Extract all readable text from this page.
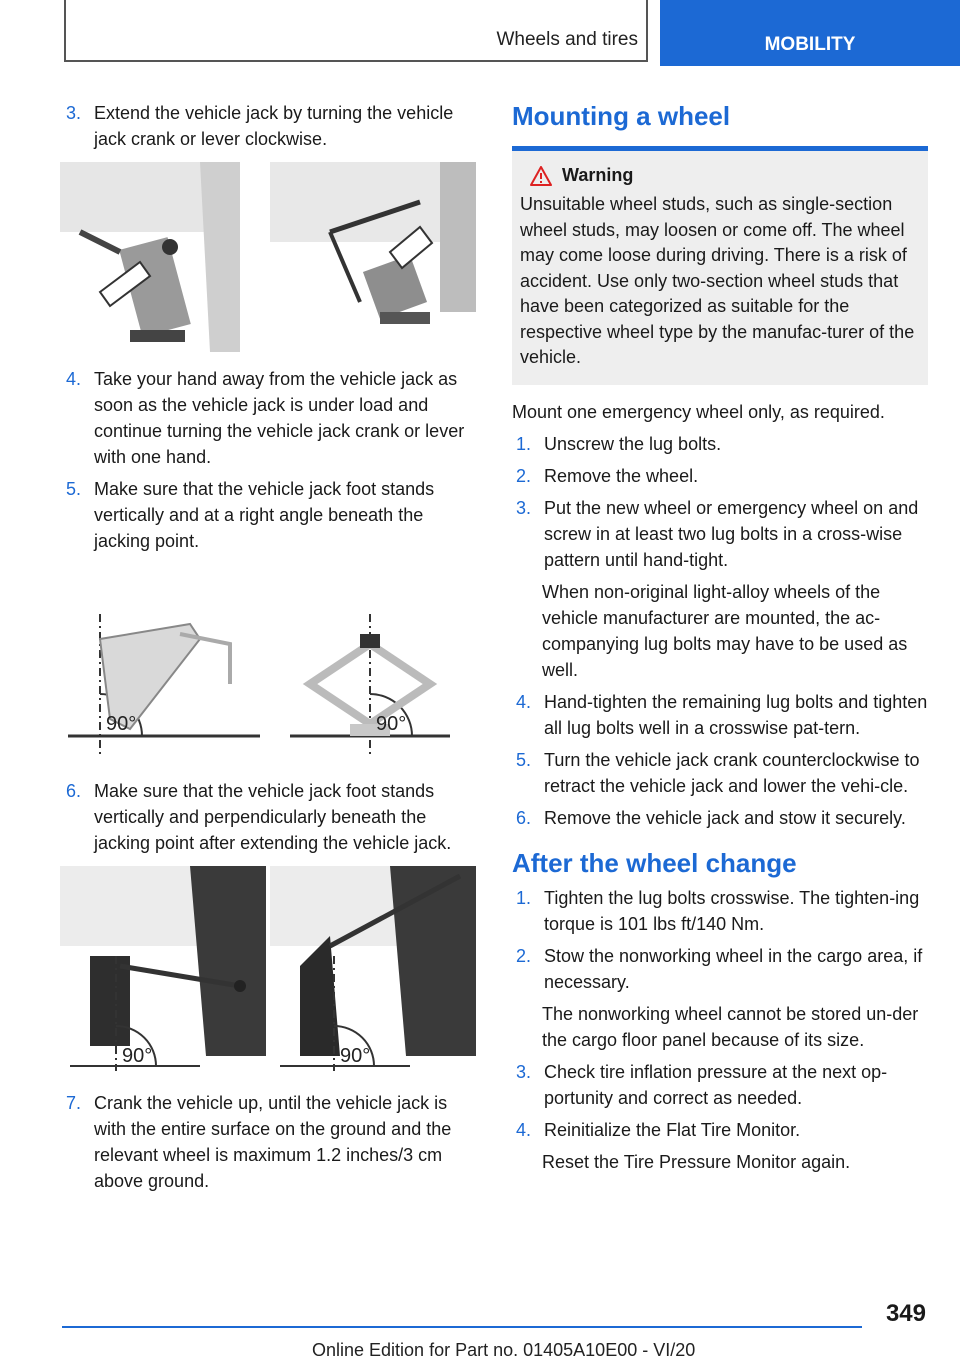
Wheels and tires	MOBILITY
3. Extend the vehicle jack by turning the vehicle jack crank or lever clockwise.
4. Take your hand away from the vehicle jack as soon as the vehicle jack is under load and continue turning the vehicle jack crank or lever with one hand.
5. Make sure that the vehicle jack foot stands vertically and at a right angle beneath the jacking point.
90°	90°
6. Make sure that the vehicle jack foot stands vertically and perpendicularly beneath the jacking point after extending the vehicle jack.
90°	90°
7. Crank the vehicle up, until the vehicle jack is with the entire surface on the ground and the relevant wheel is maximum 1.2 inches/3 cm above ground.
Mounting a wheel
Warning
Unsuitable wheel studs, such as single-section wheel studs, may loosen or come off. The wheel may come loose during driving. There is a risk of accident. Use only two-section wheel studs that have been categorized as suitable for the respective wheel type by the manufac-turer of the vehicle.
Mount one emergency wheel only, as required.
1. Unscrew the lug bolts.
2. Remove the wheel.
3. Put the new wheel or emergency wheel on and screw in at least two lug bolts in a cross-wise pattern until hand-tight.
When non-original light-alloy wheels of the vehicle manufacturer are mounted, the ac-companying lug bolts may have to be used as well.
4. Hand-tighten the remaining lug bolts and tighten all lug bolts well in a crosswise pat-tern.
5. Turn the vehicle jack crank counterclockwise to retract the vehicle jack and lower the vehi-cle.
6. Remove the vehicle jack and stow it securely.
After the wheel change
1. Tighten the lug bolts crosswise. The tighten-ing torque is 101 lbs ft/140 Nm.
2. Stow the nonworking wheel in the cargo area, if necessary.
The nonworking wheel cannot be stored un-der the cargo floor panel because of its size.
3. Check tire inflation pressure at the next op-portunity and correct as needed.
4. Reinitialize the Flat Tire Monitor.
Reset the Tire Pressure Monitor again.
349
Online Edition for Part no. 01405A10E00 - VI/20
